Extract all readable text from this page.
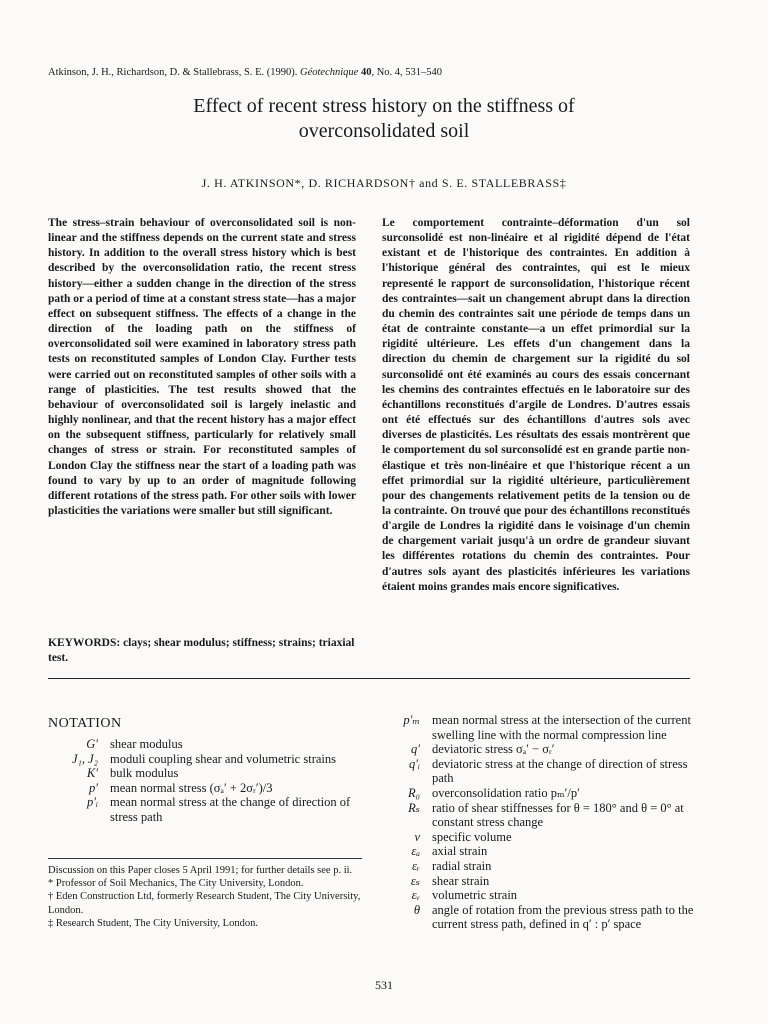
Atkinson, J. H., Richardson, D. & Stallebrass, S. E. (1990). Géotechnique 40, No. 4, 531–540
Effect of recent stress history on the stiffness of
overconsolidated soil
J. H. ATKINSON*, D. RICHARDSON† and S. E. STALLEBRASS‡
The stress–strain behaviour of overconsolidated soil is non-linear and the stiffness depends on the current state and stress history. In addition to the overall stress history which is best described by the overconsolidation ratio, the recent stress history—either a sudden change in the direction of the stress path or a period of time at a constant stress state—has a major effect on subsequent stiffness. The effects of a change in the direction of the loading path on the stiffness of overconsolidated soil were examined in laboratory stress path tests on reconstituted samples of London Clay. Further tests were carried out on reconstituted samples of other soils with a range of plasticities. The test results showed that the behaviour of overconsolidated soil is largely inelastic and highly nonlinear, and that the recent history has a major effect on the subsequent stiffness, particularly for relatively small changes of stress or strain. For reconstituted samples of London Clay the stiffness near the start of a loading path was found to vary by up to an order of magnitude following different rotations of the stress path. For other soils with lower plasticities the variations were smaller but still significant.
Le comportement contrainte–déformation d'un sol surconsolidé est non-linéaire et al rigidité dépend de l'état existant et de l'historique des contraintes. En addition à l'historique général des contraintes, qui est le mieux representé le rapport de surconsolidation, l'historique récent des contraintes—sait un changement abrupt dans la direction du chemin des contraintes sait une période de temps dans un état de contrainte constante—a un effet primordial sur la rigidité ultérieure. Les effets d'un changement dans la direction du chemin de chargement sur la rigidité du sol surconsolidé ont été examinés au cours des essais concernant les chemins des contraintes effectués en le laboratoire sur des échantillons reconstitués d'argile de Londres. D'autres essais ont été effectués sur des échantillons d'autres sols avec diverses de plasticités. Les résultats des essais montrèrent que le comportement du sol surconsolidé est en grande partie non-élastique et très non-linéaire et que l'historique récent a un effet primordial sur la rigidité ultérieure, particulièrement pour des changements relativement petits de la tension ou de la contrainte. On trouvé que pour des échantillons reconstitués d'argile de Londres la rigidité dans le voisinage d'un chemin de chargement variait jusqu'à un ordre de grandeur siuvant les différentes rotations du chemin des contraintes. Pour d'autres sols ayant des plasticités inférieures les variations étaient moins grandes mais encore significatives.
KEYWORDS: clays; shear modulus; stiffness; strains; triaxial test.
NOTATION
G′ shear modulus
J₁, J₂ moduli coupling shear and volumetric strains
K′ bulk modulus
p′ mean normal stress (σₐ′ + 2σᵣ′)/3
p′ᵢ mean normal stress at the change of direction of stress path
p′ₘ mean normal stress at the intersection of the current swelling line with the normal compression line
q′ deviatoric stress σₐ′ − σᵣ′
q′ᵢ deviatoric stress at the change of direction of stress path
R₀ overconsolidation ratio pₘ′/p′
Rₛ ratio of shear stiffnesses for θ = 180° and θ = 0° at constant stress change
v specific volume
εₐ axial strain
εᵣ radial strain
εₛ shear strain
εᵥ volumetric strain
θ angle of rotation from the previous stress path to the current stress path, defined in q′ : p′ space

Discussion on this Paper closes 5 April 1991; for further details see p. ii.

* Professor of Soil Mechanics, The City University, London.

† Eden Construction Ltd, formerly Research Student, The City University, London.

‡ Research Student, The City University, London.

531
